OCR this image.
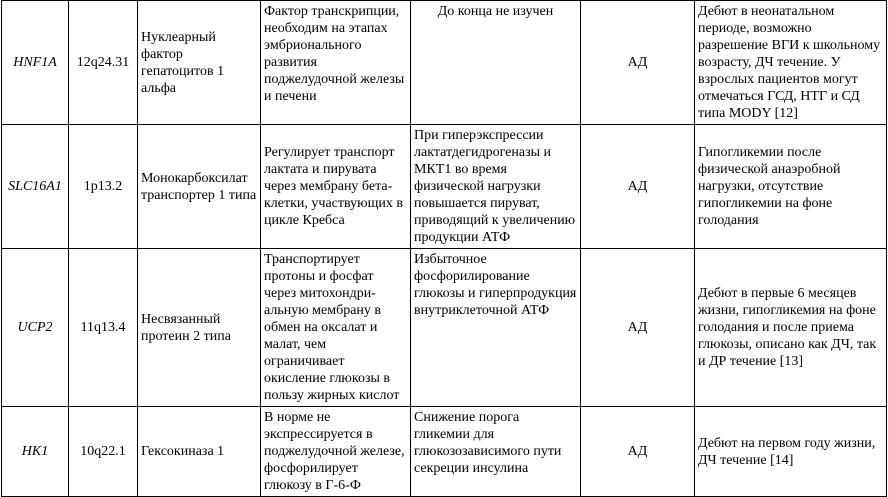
HNF1A	12q24.31	Нуклеарный фактор гепатоцитов 1 альфа	Фактор транскрипции, необходим на этапах эмбрионального развития поджелудочной железы и печени	До конца не изучен	АД	Дебют в неонатальном периоде, возможно разрешение ВГИ к школьному возрасту, ДЧ течение. У взрослых пациентов могут отмечаться ГСД, НТГ и СД типа MODY [12]
SLC16A1	1p13.2	Монокарбоксилат транспортер 1 типа	Регулирует транспорт лактата и пирувата через мембрану бета-клетки, участвующих в цикле Кребса	При гиперэкспрессии лактатдегидрогеназы и МКТ1 во время физической нагрузки повышается пируват, приводящий к увеличению продукции АТФ	АД	Гипогликемии после физической анаэробной нагрузки, отсутствие гипогликемии на фоне голодания
UCP2	11q13.4	Несвязанный протеин 2 типа	Транспортирует протоны и фосфат через митохондри-альную мембрану в обмен на оксалат и малат, чем ограничивает окисление глюкозы в пользу жирных кислот	Избыточное фосфорилирование глюкозы и гиперпродукция внутриклеточной АТФ	АД	Дебют в первые 6 месяцев жизни, гипогликемия на фоне голодания и после приема глюкозы, описано как ДЧ, так и ДР течение [13]
HK1	10q22.1	Гексокиназа 1	В норме не экспрессируется в поджелудочной железе, фосфорилирует глюкозу в Г-6-Ф	Снижение порога гликемии для глюкозозависимого пути секреции инсулина	АД	Дебют на первом году жизни, ДЧ течение [14]
